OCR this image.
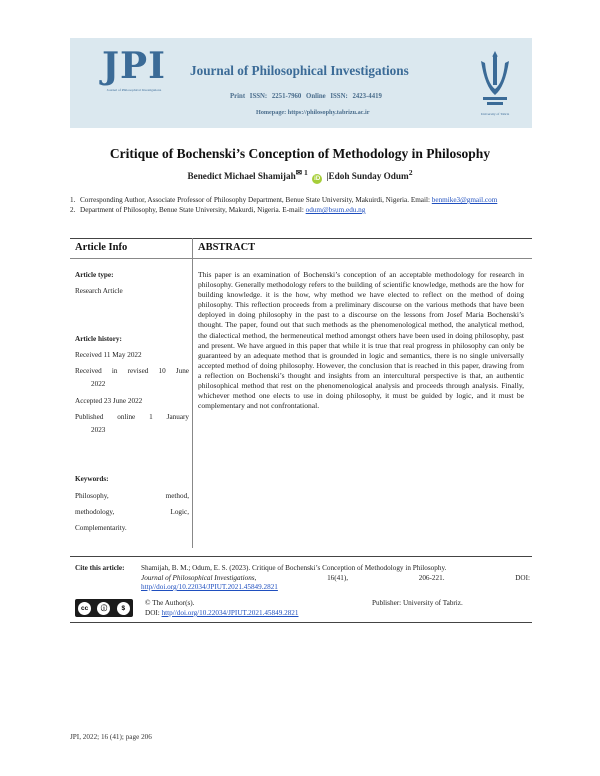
JPI
Journal of Philosophical Investigations
Journal of Philosophical Investigations
Print ISSN: 2251-7960 Online ISSN: 2423-4419
Homepage: https://philosophy.tabrizu.ac.ir	University of Tabriz
Critique of Bochenski’s Conception of Methodology in Philosophy
Benedict Michael Shamijah$^{✉ 1}$ iD |Edoh Sunday Odum$^2$
1. Corresponding Author, Associate Professor of Philosophy Department, Benue State University, Makuirdi, Nigeria. Email: benmike3@gmail.com
2. Department of Philosophy, Benue State University, Makurdi, Nigeria. E-mail: odum@bsum.edu.ng
Article Info	ABSTRACT
Article type:
Research Article
Article history:
Received 11 May 2022
Received in revised 10 June
2022
Accepted 23 June 2022
Published online 1 January
2023
Keywords:
Philosophy, method,
methodology, Logic,
Complementarity.
This paper is an examination of Bochenski’s conception of an acceptable methodology for research in philosophy. Generally methodology refers to the building of scientific knowledge, methods are the how for building knowledge. it is the how, why method we have elected to reflect on the method of doing philosophy. This reflection proceeds from a preliminary discourse on the various methods that have been deployed in doing philosophy in the past to a discourse on the lessons from Josef Maria Bochenski’s thought. The paper, found out that such methods as the phenomenological method, the analytical method, the dialectical method, the hermeneutical method amongst others have been used in doing philosophy, past and present. We have argued in this paper that while it is true that real progress in philosophy can only be guaranteed by an adequate method that is grounded in logic and semantics, there is no single universally accepted method of doing philosophy. However, the conclusion that is reached in this paper, drawing from a reflection on Bochenski’s thought and insights from an intercultural perspective is that, an authentic philosophical method that rest on the phenomenological analysis and proceeds through analysis. Finally, whichever method one elects to use in doing philosophy, it must be guided by logic, and it must be complementary and not confrontational.
Cite this article:	Shamijah, B. M.; Odum, E. S. (2023). Critique of Bochenski’s Conception of Methodology in Philosophy.
Journal of Philosophical Investigations,	16(41),	206-221.	DOI:
http//doi.org/10.22034/JPIUT.2021.45849.2821
cc	ⓘ	$
© The Author(s).	Publisher: University of Tabriz.
DOI: http//doi.org/10.22034/JPIUT.2021.45849.2821
JPI, 2022; 16 (41); page 206
